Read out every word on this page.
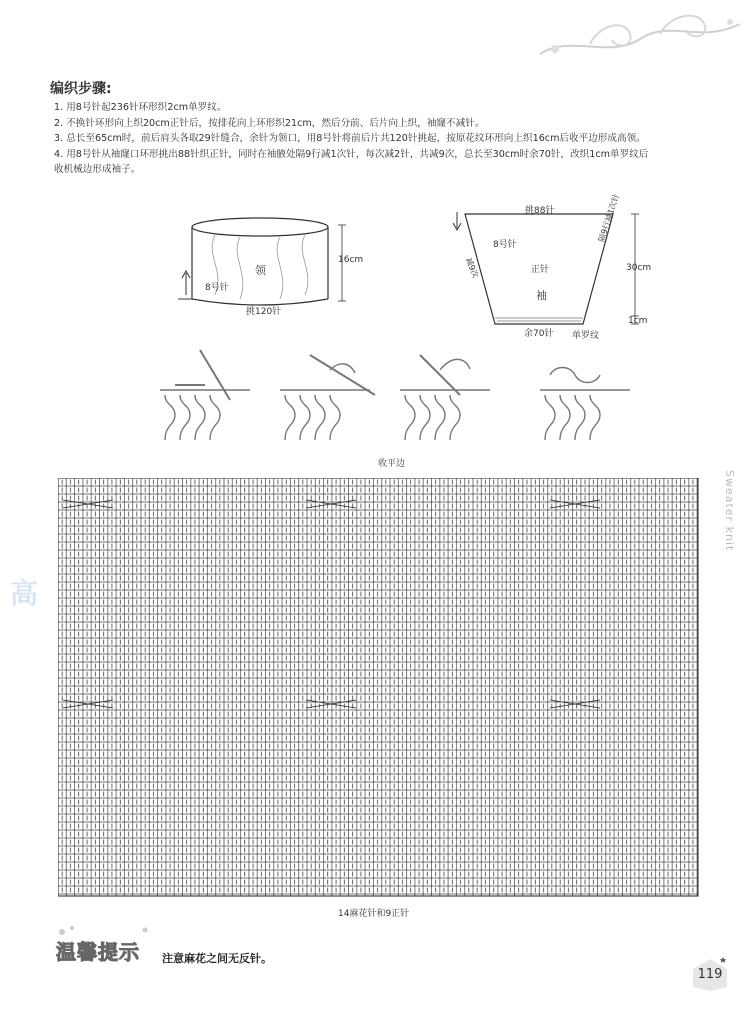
编织步骤:

1. 用8号针起236针环形织2cm单罗纹。

2. 不换针环形向上织20cm正针后，按排花向上环形织21cm，然后分前、后片向上织，袖窿不减针。

3. 总长至65cm时，前后肩头各取29针缝合，余针为领口，用8号针将前后片共120针挑起，按原花纹环形向上织16cm后收平边形成高领。

4. 用8号针从袖窿口环形挑出88针织正针，同时在袖腋处隔9行减1次针，每次减2针，共减9次，总长至30cm时余70针，改织1cm单罗纹后收机械边形成袖子。

16cm
8号针
领
挑120针
挑88针
8号针
正针
袖
减9次
隔9行减1次针
30cm
1cm
余70针 单罗纹
收平边
14麻花针和9正针
Sweater knit
高
温馨提示 注意麻花之间无反针。
119
